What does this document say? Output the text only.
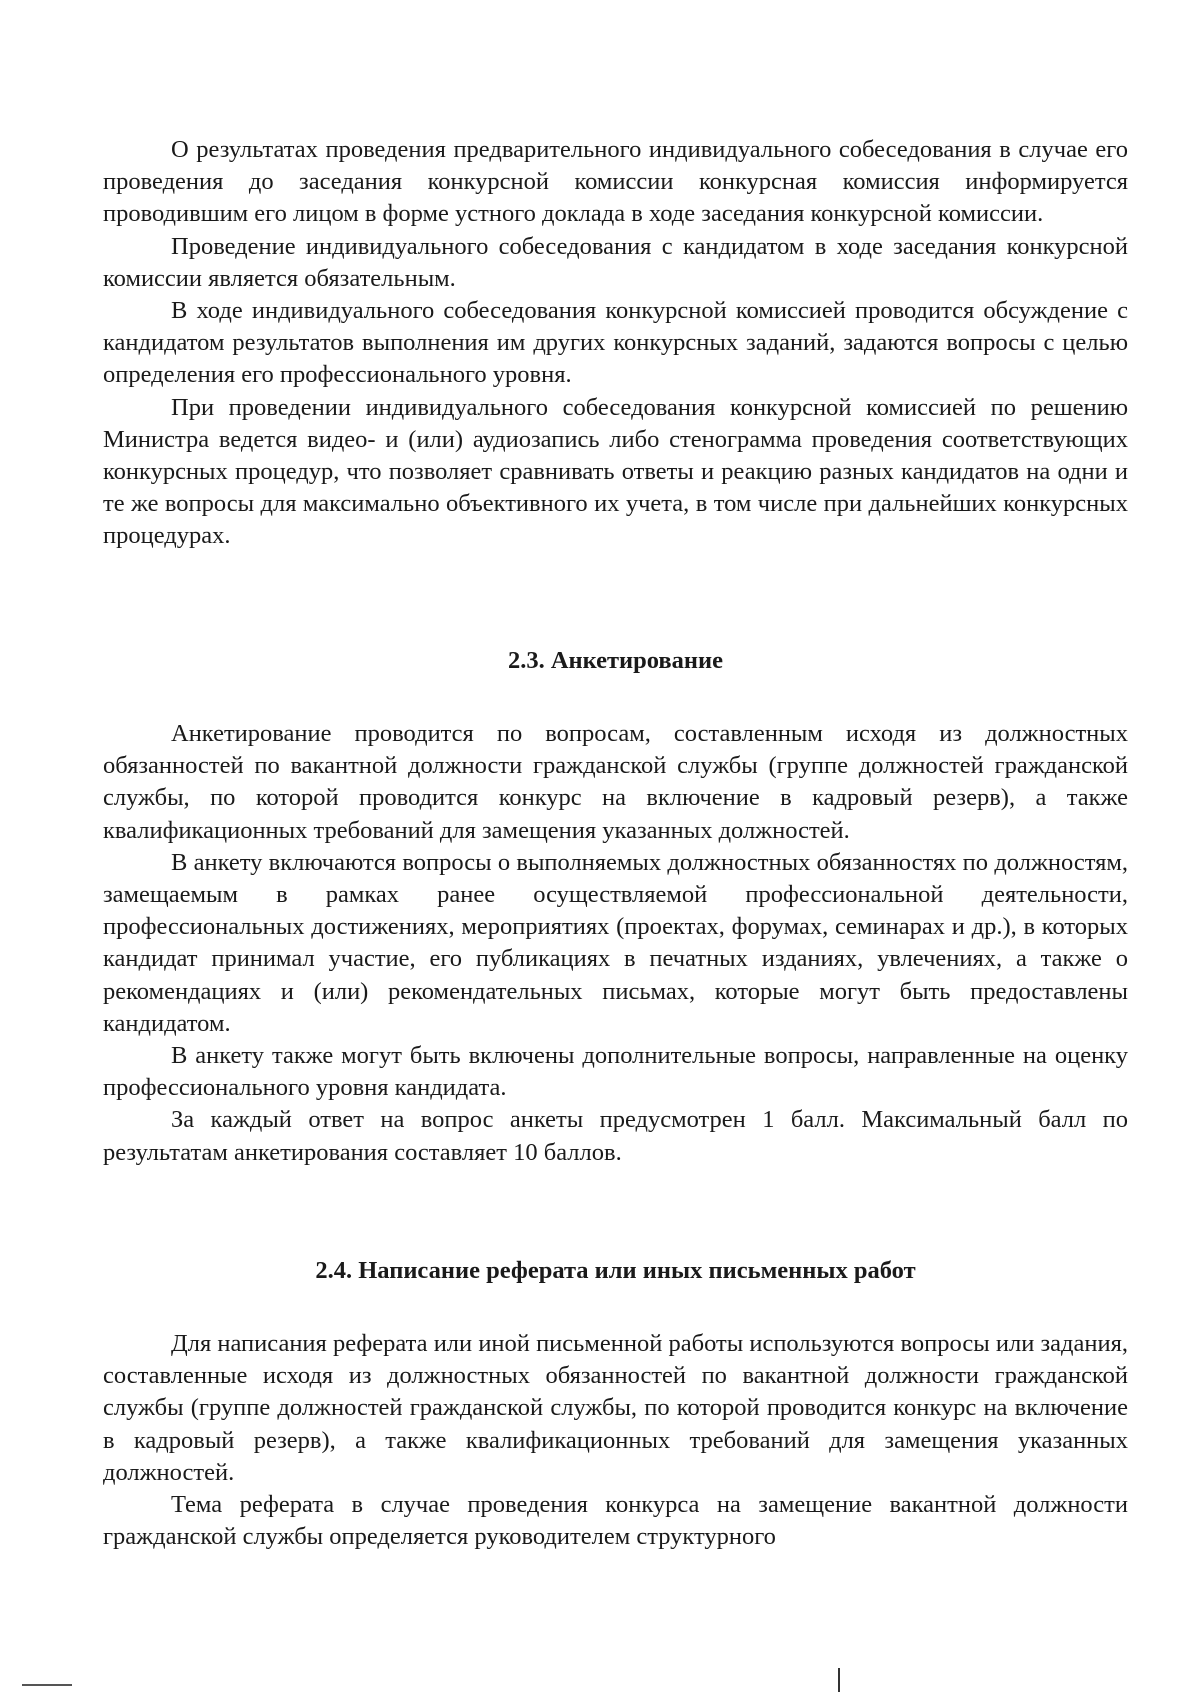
О результатах проведения предварительного индивидуального собеседования в случае его проведения до заседания конкурсной комиссии конкурсная комиссия информируется проводившим его лицом в форме устного доклада в ходе заседания конкурсной комиссии.

Проведение индивидуального собеседования с кандидатом в ходе заседания конкурсной комиссии является обязательным.

В ходе индивидуального собеседования конкурсной комиссией проводится обсуждение с кандидатом результатов выполнения им других конкурсных заданий, задаются вопросы с целью определения его профессионального уровня.

При проведении индивидуального собеседования конкурсной комиссией по решению Министра ведется видео- и (или) аудиозапись либо стенограмма проведения соответствующих конкурсных процедур, что позволяет сравнивать ответы и реакцию разных кандидатов на одни и те же вопросы для максимально объективного их учета, в том числе при дальнейших конкурсных процедурах.

2.3. Анкетирование

Анкетирование проводится по вопросам, составленным исходя из должностных обязанностей по вакантной должности гражданской службы (группе должностей гражданской службы, по которой проводится конкурс на включение в кадровый резерв), а также квалификационных требований для замещения указанных должностей.

В анкету включаются вопросы о выполняемых должностных обязанностях по должностям, замещаемым в рамках ранее осуществляемой профессиональной деятельности, профессиональных достижениях, мероприятиях (проектах, форумах, семинарах и др.), в которых кандидат принимал участие, его публикациях в печатных изданиях, увлечениях, а также о рекомендациях и (или) рекомендательных письмах, которые могут быть предоставлены кандидатом.

В анкету также могут быть включены дополнительные вопросы, направленные на оценку профессионального уровня кандидата.

За каждый ответ на вопрос анкеты предусмотрен 1 балл. Максимальный балл по результатам анкетирования составляет 10 баллов.

2.4. Написание реферата или иных письменных работ

Для написания реферата или иной письменной работы используются вопросы или задания, составленные исходя из должностных обязанностей по вакантной должности гражданской службы (группе должностей гражданской службы, по которой проводится конкурс на включение в кадровый резерв), а также квалификационных требований для замещения указанных должностей.

Тема реферата в случае проведения конкурса на замещение вакантной должности гражданской службы определяется руководителем структурного
